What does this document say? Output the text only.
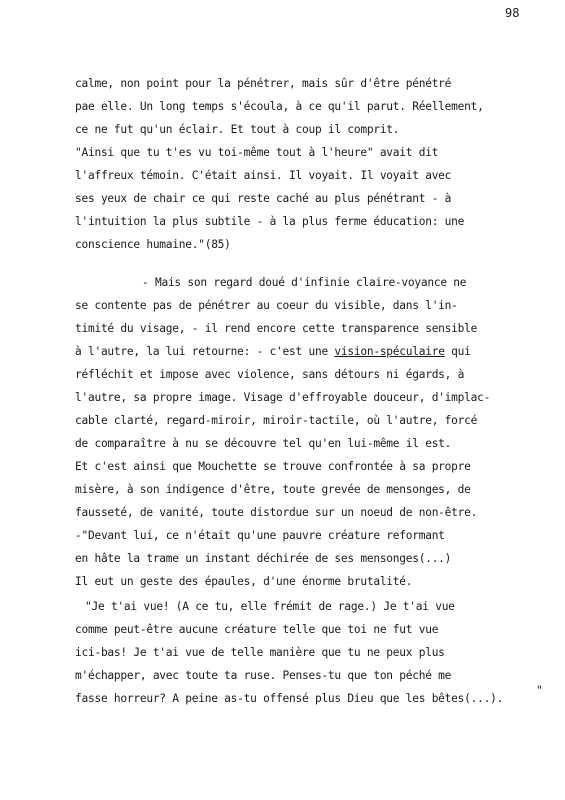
98
calme, non point pour la pénétrer, mais sûr d'être pénétré
pae elle. Un long temps s'écoula, à ce qu'il parut. Réellement,
ce ne fut qu'un éclair. Et tout à coup il comprit.
"Ainsi que tu t'es vu toi-même tout à l'heure" avait dit
l'affreux témoin. C'était ainsi. Il voyait. Il voyait avec
ses yeux de chair ce qui reste caché au plus pénétrant - à
l'intuition la plus subtile - à la plus ferme éducation: une
conscience humaine."(85)
- Mais son regard doué d'infinie claire-voyance ne
se contente pas de pénétrer au coeur du visible, dans l'in-
timité du visage, - il rend encore cette transparence sensible
à l'autre, la lui retourne: - c'est une vision-spéculaire qui
réfléchit et impose avec violence, sans détours ni égards, à
l'autre, sa propre image. Visage d'effroyable douceur, d'implac-
cable clarté, regard-miroir, miroir-tactile, où l'autre, forcé
de comparaître à nu se découvre tel qu'en lui-même il est.
Et c'est ainsi que Mouchette se trouve confrontée à sa propre
misère, à son indigence d'être, toute grevée de mensonges, de
fausseté, de vanité, toute distordue sur un noeud de non-être.
-"Devant lui, ce n'était qu'une pauvre créature reformant
en hâte la trame un instant déchirée de ses mensonges(...)
Il eut un geste des épaules, d'une énorme brutalité.
"Je t'ai vue! (A ce tu, elle frémit de rage.) Je t'ai vue
comme peut-être aucune créature telle que toi ne fut vue
ici-bas! Je t'ai vue de telle manière que tu ne peux plus
m'échapper, avec toute ta ruse. Penses-tu que ton péché me
fasse horreur? A peine as-tu offensé plus Dieu que les bêtes(...).
"
